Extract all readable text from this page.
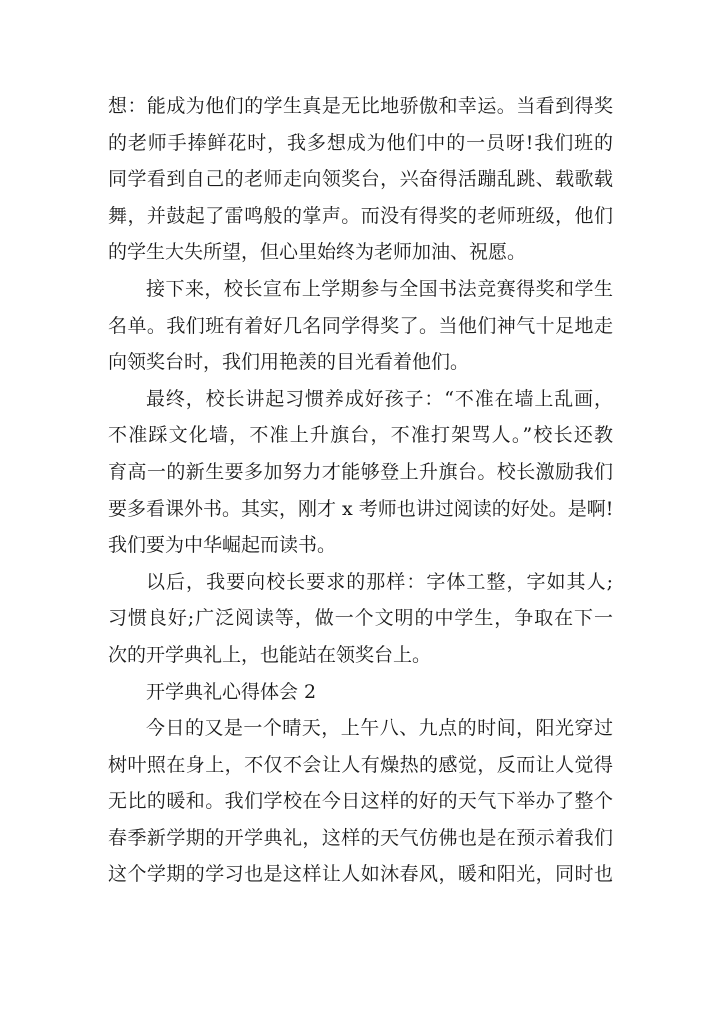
想：能成为他们的学生真是无比地骄傲和幸运。当看到得奖
的老师手捧鲜花时，我多想成为他们中的一员呀!我们班的
同学看到自己的老师走向领奖台，兴奋得活蹦乱跳、载歌载
舞，并鼓起了雷鸣般的掌声。而没有得奖的老师班级，他们
的学生大失所望，但心里始终为老师加油、祝愿。
接下来，校长宣布上学期参与全国书法竞赛得奖和学生
名单。我们班有着好几名同学得奖了。当他们神气十足地走
向领奖台时，我们用艳羡的目光看着他们。
最终，校长讲起习惯养成好孩子：“不准在墙上乱画，
不准踩文化墙，不准上升旗台，不准打架骂人。”校长还教
育高一的新生要多加努力才能够登上升旗台。校长激励我们
要多看课外书。其实，刚才 x 考师也讲过阅读的好处。是啊!
我们要为中华崛起而读书。
以后，我要向校长要求的那样：字体工整，字如其人;
习惯良好;广泛阅读等，做一个文明的中学生，争取在下一
次的开学典礼上，也能站在领奖台上。
开学典礼心得体会 2
今日的又是一个晴天，上午八、九点的时间，阳光穿过
树叶照在身上，不仅不会让人有燥热的感觉，反而让人觉得
无比的暖和。我们学校在今日这样的好的天气下举办了整个
春季新学期的开学典礼，这样的天气仿佛也是在预示着我们
这个学期的学习也是这样让人如沐春风，暖和阳光，同时也
